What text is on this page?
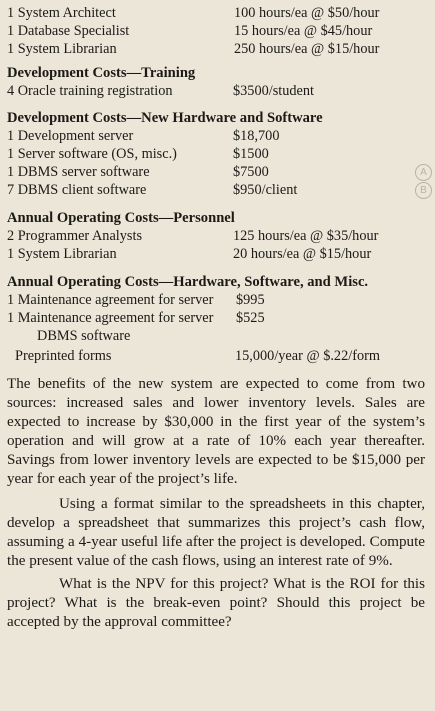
1 System Architect	100 hours/ea @ $50/hour
1 Database Specialist	15 hours/ea @ $45/hour
1 System Librarian	250 hours/ea @ $15/hour
Development Costs—Training
4 Oracle training registration	$3500/student
Development Costs—New Hardware and Software
1 Development server	$18,700
1 Server software (OS, misc.)	$1500
1 DBMS server software	$7500
7 DBMS client software	$950/client
Annual Operating Costs—Personnel
2 Programmer Analysts	125 hours/ea @ $35/hour
1 System Librarian	20 hours/ea @ $15/hour
Annual Operating Costs—Hardware, Software, and Misc.
1 Maintenance agreement for server $995
1 Maintenance agreement for server $525
DBMS software
Preprinted forms	15,000/year @ $.22/form

The benefits of the new system are expected to come from two sources: increased sales and lower inventory levels. Sales are expected to increase by $30,000 in the first year of the system’s operation and will grow at a rate of 10% each year thereafter. Savings from lower inventory levels are expected to be $15,000 per year for each year of the project’s life.

Using a format similar to the spreadsheets in this chapter, develop a spreadsheet that summarizes this project’s cash flow, assuming a 4-year useful life after the project is developed. Compute the present value of the cash flows, using an interest rate of 9%.

What is the NPV for this project? What is the ROI for this project? What is the break-even point? Should this project be accepted by the approval committee?

A
B
